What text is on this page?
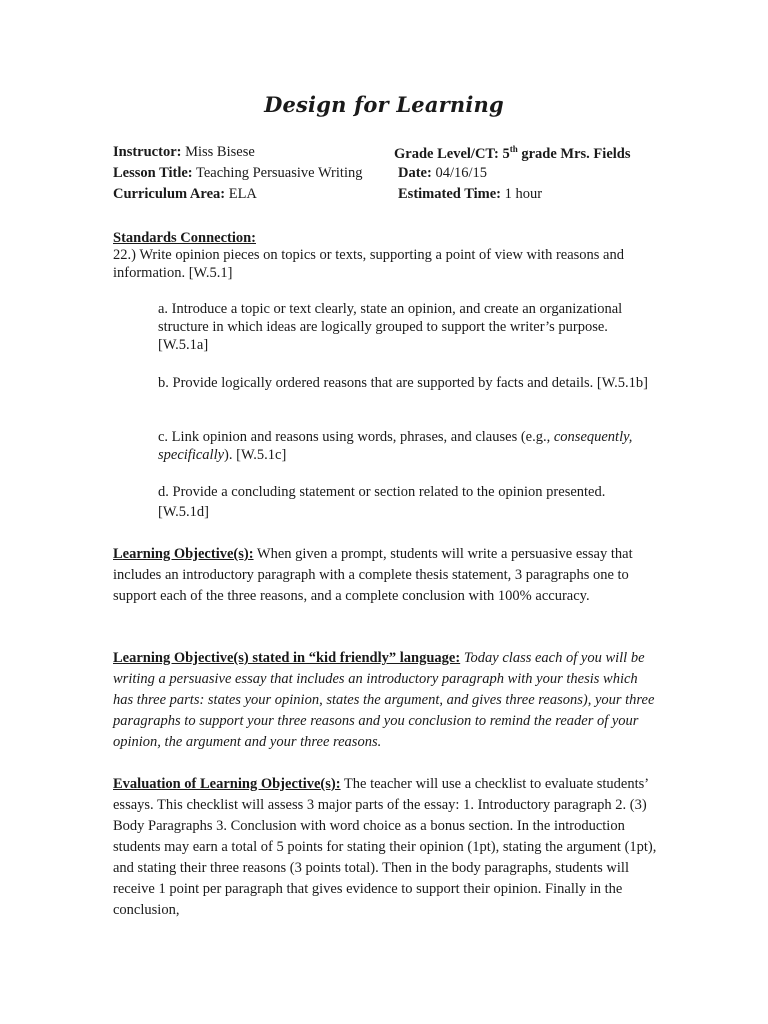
Design for Learning
Instructor: Miss Bisese	Grade Level/CT: 5th grade Mrs. Fields
Lesson Title: Teaching Persuasive Writing Date: 04/16/15
Curriculum Area: ELA	Estimated Time: 1 hour
Standards Connection:
22.) Write opinion pieces on topics or texts, supporting a point of view with reasons and information. [W.5.1]
a. Introduce a topic or text clearly, state an opinion, and create an organizational structure in which ideas are logically grouped to support the writer’s purpose. [W.5.1a]
b. Provide logically ordered reasons that are supported by facts and details. [W.5.1b]
c. Link opinion and reasons using words, phrases, and clauses (e.g., consequently, specifically). [W.5.1c]
d. Provide a concluding statement or section related to the opinion presented. [W.5.1d]
Learning Objective(s): When given a prompt, students will write a persuasive essay that includes an introductory paragraph with a complete thesis statement, 3 paragraphs one to support each of the three reasons, and a complete conclusion with 100% accuracy.
Learning Objective(s) stated in “kid friendly” language: Today class each of you will be writing a persuasive essay that includes an introductory paragraph with your thesis which has three parts: states your opinion, states the argument, and gives three reasons), your three paragraphs to support your three reasons and you conclusion to remind the reader of your opinion, the argument and your three reasons.
Evaluation of Learning Objective(s): The teacher will use a checklist to evaluate students’ essays. This checklist will assess 3 major parts of the essay: 1. Introductory paragraph 2. (3) Body Paragraphs 3. Conclusion with word choice as a bonus section. In the introduction students may earn a total of 5 points for stating their opinion (1pt), stating the argument (1pt), and stating their three reasons (3 points total). Then in the body paragraphs, students will receive 1 point per paragraph that gives evidence to support their opinion. Finally in the conclusion,
